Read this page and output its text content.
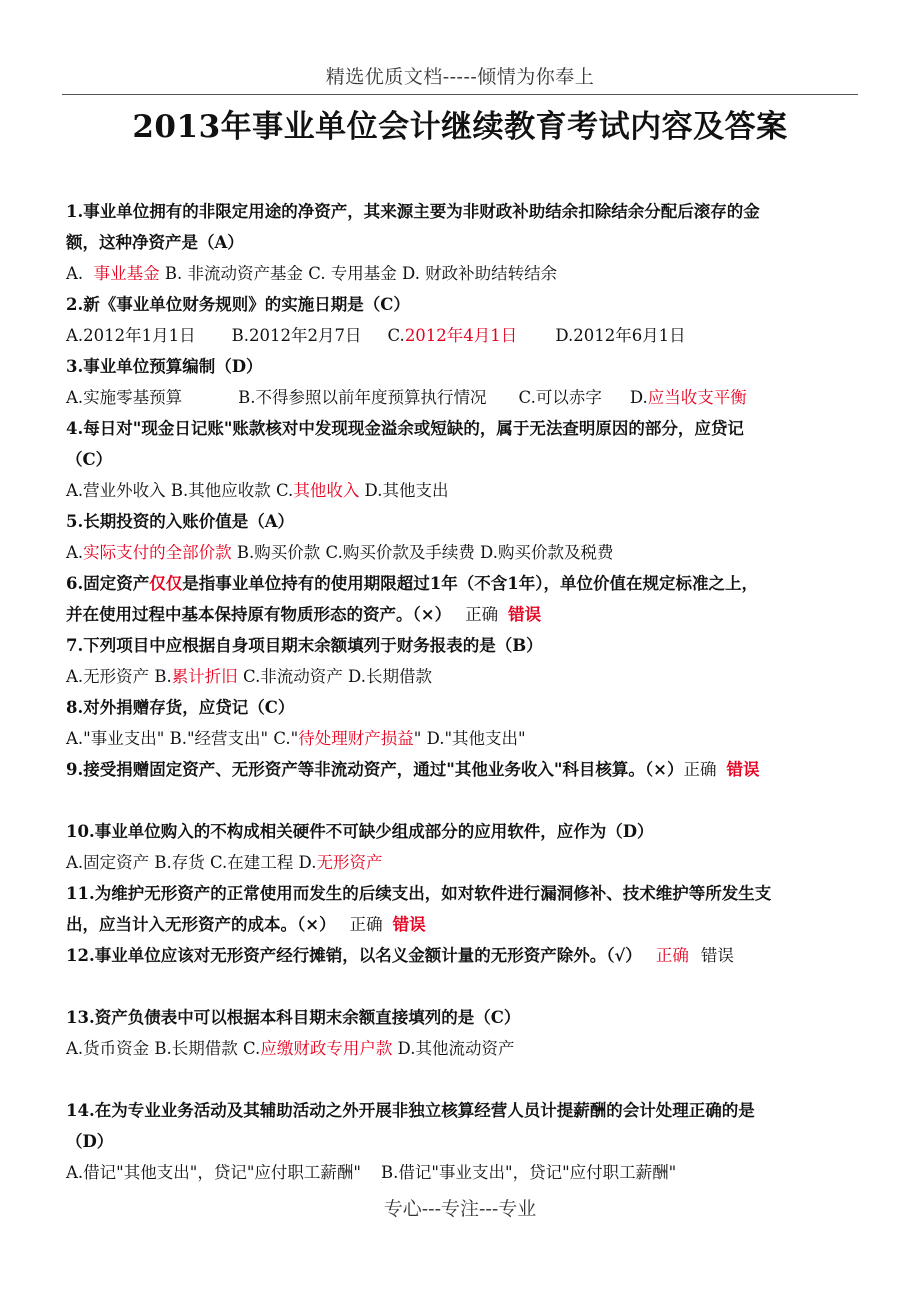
精选优质文档-----倾情为你奉上
2013年事业单位会计继续教育考试内容及答案
1.事业单位拥有的非限定用途的净资产，其来源主要为非财政补助结余扣除结余分配后滚存的金
额，这种净资产是（A）
A. 事业基金 B. 非流动资产基金 C. 专用基金 D. 财政补助结转结余
2.新《事业单位财务规则》的实施日期是（C）
A.2012年1月1日 B.2012年2月7日 C.2012年4月1日 D.2012年6月1日
3.事业单位预算编制（D）
A.实施零基预算	B.不得参照以前年度预算执行情况 C.可以赤字 D.应当收支平衡
4.每日对"现金日记账"账款核对中发现现金溢余或短缺的，属于无法查明原因的部分，应贷记
（C）
A.营业外收入 B.其他应收款 C.其他收入 D.其他支出
5.长期投资的入账价值是（A）
A.实际支付的全部价款 B.购买价款 C.购买价款及手续费 D.购买价款及税费
6.固定资产仅仅是指事业单位持有的使用期限超过1年（不含1年），单位价值在规定标准之上，
并在使用过程中基本保持原有物质形态的资产。（×） 正确 错误
7.下列项目中应根据自身项目期末余额填列于财务报表的是（B）
A.无形资产 B.累计折旧 C.非流动资产 D.长期借款
8.对外捐赠存货，应贷记（C）
A."事业支出" B."经营支出" C."待处理财产损益" D."其他支出"
9.接受捐赠固定资产、无形资产等非流动资产，通过"其他业务收入"科目核算。（×）正确 错误
10.事业单位购入的不构成相关硬件不可缺少组成部分的应用软件，应作为（D）
A.固定资产 B.存货 C.在建工程 D.无形资产
11.为维护无形资产的正常使用而发生的后续支出，如对软件进行漏洞修补、技术维护等所发生支
出，应当计入无形资产的成本。（×） 正确 错误
12.事业单位应该对无形资产经行摊销，以名义金额计量的无形资产除外。（√） 正确 错误
13.资产负债表中可以根据本科目期末余额直接填列的是（C）
A.货币资金 B.长期借款 C.应缴财政专用户款 D.其他流动资产
14.在为专业业务活动及其辅助活动之外开展非独立核算经营人员计提薪酬的会计处理正确的是
（D）
A.借记"其他支出"，贷记"应付职工薪酬" B.借记"事业支出"，贷记"应付职工薪酬"
专心---专注---专业
